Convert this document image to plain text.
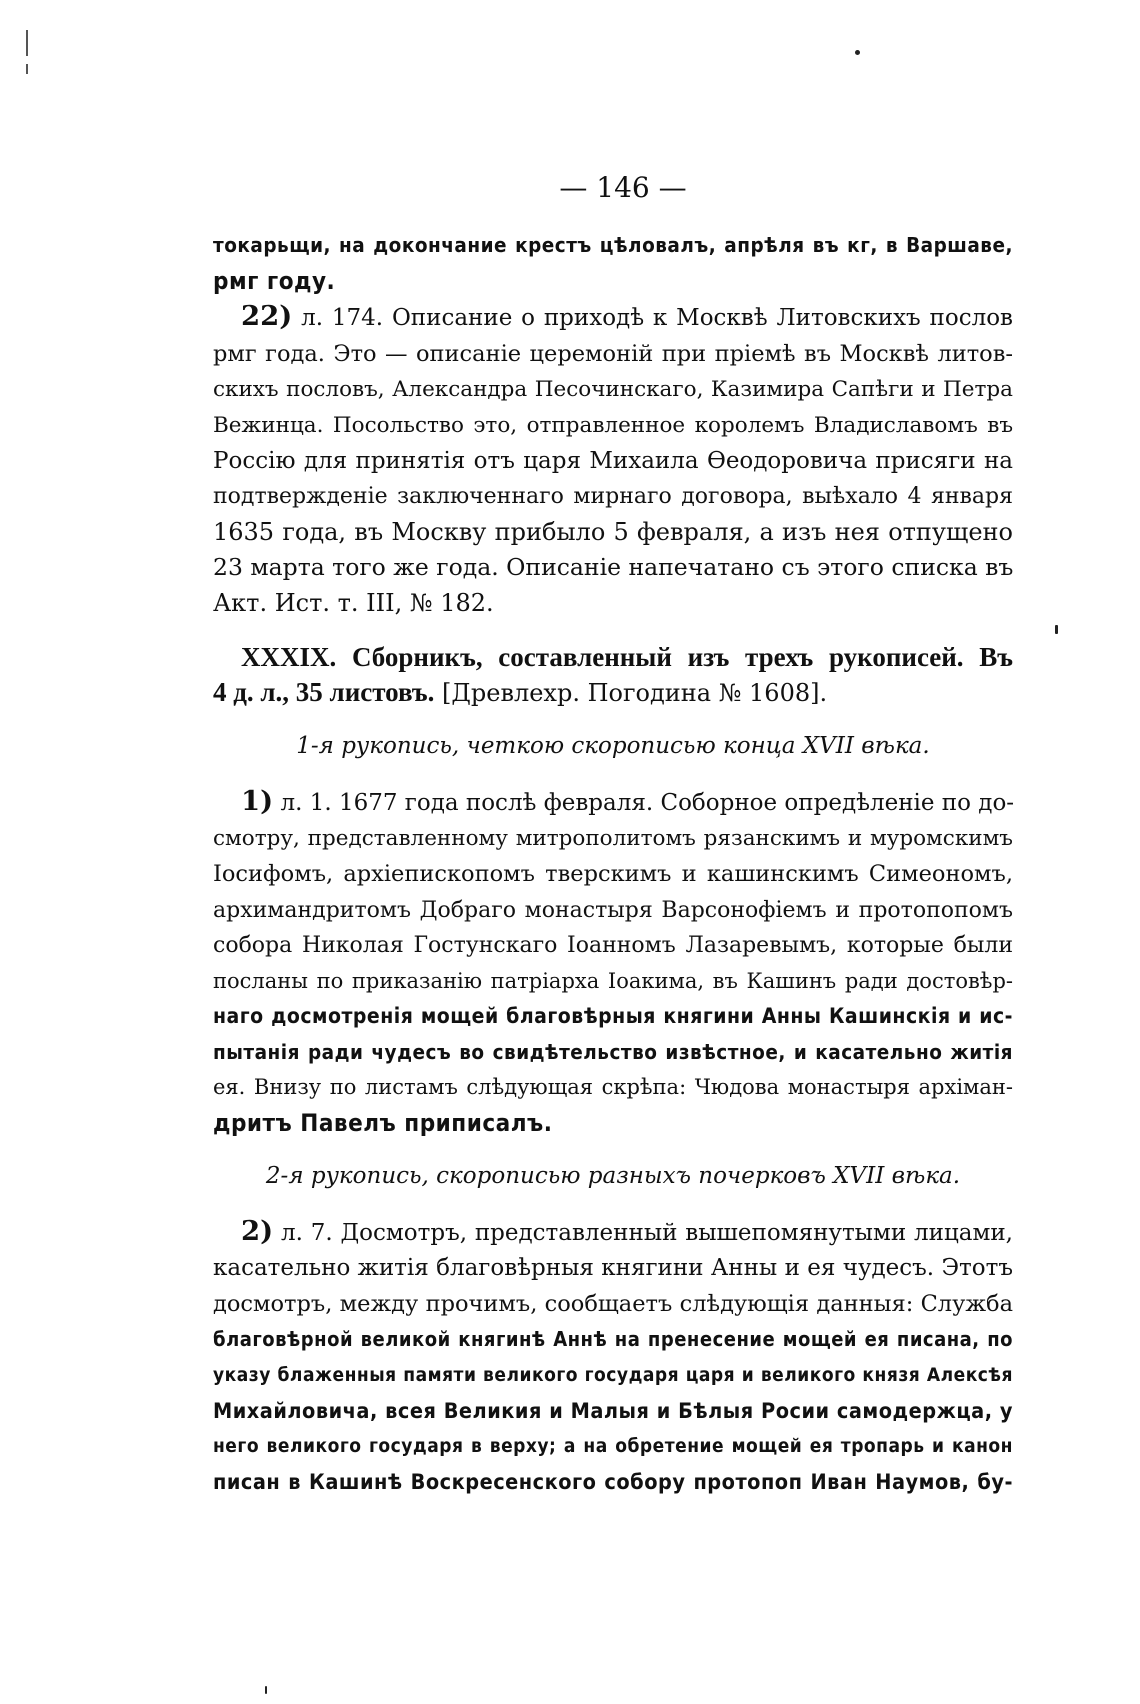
— 146 —
токарьщи, на докончание крестъ цѣловалъ, апрѣля въ кг, в Варшаве,
рмг году.
22) л. 174. Описание о приходѣ к Москвѣ Литовскихъ послов
рмг года. Это — описаніе церемоній при пріемѣ въ Москвѣ литов-
скихъ пословъ, Александра Песочинскаго, Казимира Сапѣги и Петра
Вежинца. Посольство это, отправленное королемъ Владиславомъ въ
Россію для принятія отъ царя Михаила Ѳеодоровича присяги на
подтвержденіе заключеннаго мирнаго договора, выѣхало 4 января
1635 года, въ Москву прибыло 5 февраля, а изъ нея отпущено
23 марта того же года. Описаніе напечатано съ этого списка въ
Акт. Ист. т. III, № 182.
XXXIX. Сборникъ, составленный изъ трехъ рукописей. Въ
4 д. л., 35 листовъ. [Древлехр. Погодина № 1608].
1-я рукопись, четкою скорописью конца XVII вѣка.
1) л. 1. 1677 года послѣ февраля. Соборное опредѣленіе по до-
смотру, представленному митрополитомъ рязанскимъ и муромскимъ
Іосифомъ, архіепископомъ тверскимъ и кашинскимъ Симеономъ,
архимандритомъ Добраго монастыря Варсонофіемъ и протопопомъ
собора Николая Гостунскаго Іоанномъ Лазаревымъ, которые были
посланы по приказанію патріарха Іоакима, въ Кашинъ ради достовѣр-
наго досмотренія мощей благовѣрныя княгини Анны Кашинскія и ис-
пытанія ради чудесъ во свидѣтельство извѣстное, и касательно житія
ея. Внизу по листамъ слѣдующая скрѣпа: Чюдова монастыря архіман-
дритъ Павелъ приписалъ.
2-я рукопись, скорописью разныхъ почерковъ XVII вѣка.
2) л. 7. Досмотръ, представленный вышепомянутыми лицами,
касательно житія благовѣрныя княгини Анны и ея чудесъ. Этотъ
досмотръ, между прочимъ, сообщаетъ слѣдующія данныя: Служба
благовѣрной великой княгинѣ Аннѣ на пренесение мощей ея писана, по
указу блаженныя памяти великого государя царя и великого князя Алексѣя
Михайловича, всея Великия и Малыя и Бѣлыя Росии самодержца, у
него великого государя в верху; а на обретение мощей ея тропарь и канон
писан в Кашинѣ Воскресенского собору протопоп Иван Наумов, бу-
